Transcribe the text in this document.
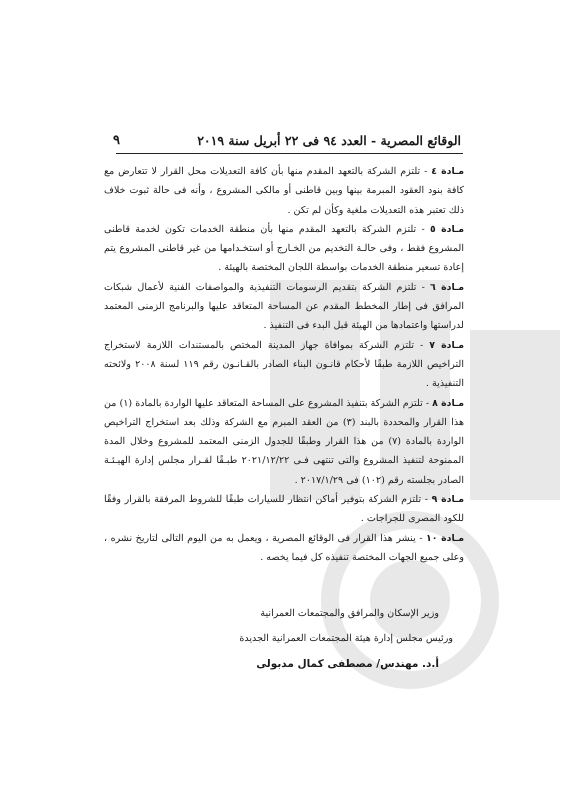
٩	الوقائع المصرية - العدد ٩٤ فى ٢٢ أبريل سنة ٢٠١٩

مـادة ٤ - تلتزم الشركة بالتعهد المقدم منها بأن كافة التعديلات محل القرار لا تتعارض مع كافة بنود العقود المبرمة بينها وبين قاطنى أو مالكى المشروع ، وأنه فى حالة ثبوت خلاف ذلك تعتبر هذه التعديلات ملغية وكأن لم تكن .

مـادة ٥ - تلتزم الشركة بالتعهد المقدم منها بأن منطقة الخدمات تكون لخدمة قاطنى المشروع فقط ، وفى حالـة التخديم من الخـارج أو استخـدامها من غير قاطنى المشروع يتم إعادة تسعير منطقة الخدمات بواسطة اللجان المختصة بالهيئة .

مـادة ٦ - تلتزم الشركة بتقديم الرسومات التنفيذية والمواصفات الفنية لأعمال شبكات المرافق فى إطار المخطط المقدم عن المساحة المتعاقد عليها والبرنامج الزمنى المعتمد لدراستها واعتمادها من الهيئة قبل البدء فى التنفيذ .

مـادة ٧ - تلتزم الشركة بموافاة جهاز المدينة المختص بالمستندات اللازمة لاستخراج التراخيص اللازمة طبقًا لأحكام قانـون البناء الصادر بالقـانـون رقم ١١٩ لسنة ٢٠٠٨ ولائحته التنفيذية .

مـادة ٨ - تلتزم الشركة بتنفيذ المشروع على المساحة المتعاقد عليها الواردة بالمادة (١) من هذا القرار والمحددة بالبند (٣) من العقد المبرم مع الشركة وذلك بعد استخراج التراخيص الواردة بالمادة (٧) من هذا القرار وطبقًا للجدول الزمنى المعتمد للمشروع وخلال المدة الممنوحة لتنفيذ المشروع والتى تنتهى فـى ٢٠٢١/١٢/٢٢ طبـقًا لقـرار مجلس إدارة الهيـئـة الصادر بجلسته رقم (١٠٢) فى ٢٠١٧/١/٢٩ .

مـادة ٩ - تلتزم الشركة بتوفير أماكن انتظار للسيارات طبقًا للشروط المرفقة بالقرار وفقًا للكود المصرى للجراجات .

مـادة ١٠ - ينشر هذا القرار فى الوقائع المصرية ، ويعمل به من اليوم التالى لتاريخ نشره ، وعلى جميع الجهات المختصة تنفيذه كل فيما يخصه .

وزير الإسكان والمرافق والمجتمعات العمرانية
ورئيس مجلس إدارة هيئة المجتمعات العمرانية الجديدة
أ.د. مهندس/ مصطفى كمال مدبولى
